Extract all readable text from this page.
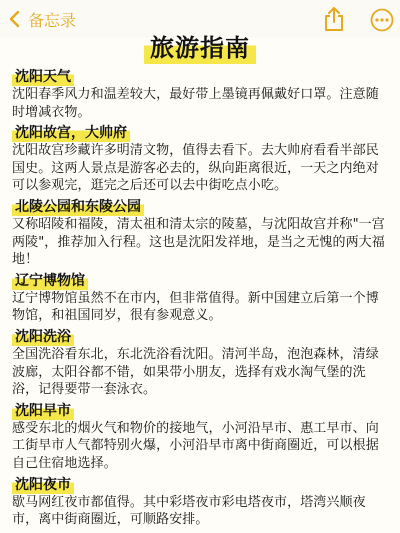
备忘录
旅游指南
沈阳天气

沈阳春季风力和温差较大，最好带上墨镜再佩戴好口罩。注意随时增减衣物。

沈阳故宫，大帅府

沈阳故宫珍藏许多明清文物，值得去看下。去大帅府看看半部民国史。这两人景点是游客必去的，纵向距离很近，一天之内绝对可以参观完，逛完之后还可以去中街吃点小吃。

北陵公园和东陵公园

又称昭陵和福陵，清太祖和清太宗的陵墓，与沈阳故宫并称"一宫两陵"，推荐加入行程。这也是沈阳发祥地，是当之无愧的两大福地！

辽宁博物馆

辽宁博物馆虽然不在市内，但非常值得。新中国建立后第一个博物馆，和祖国同岁，很有参观意义。

沈阳洗浴

全国洗浴看东北，东北洗浴看沈阳。清河半岛，泡泡森林，清绿波廊，太阳谷都不错，如果带小朋友，选择有戏水淘气堡的洗浴，记得要带一套泳衣。

沈阳早市

感受东北的烟火气和物价的接地气，小河沿早市、惠工早市、向工街早市人气都特别火爆，小河沿早市离中街商圈近，可以根据自己住宿地选择。

沈阳夜市

歇马网红夜市都值得。其中彩塔夜市彩电塔夜市，塔湾兴顺夜市，离中街商圈近，可顺路安排。
